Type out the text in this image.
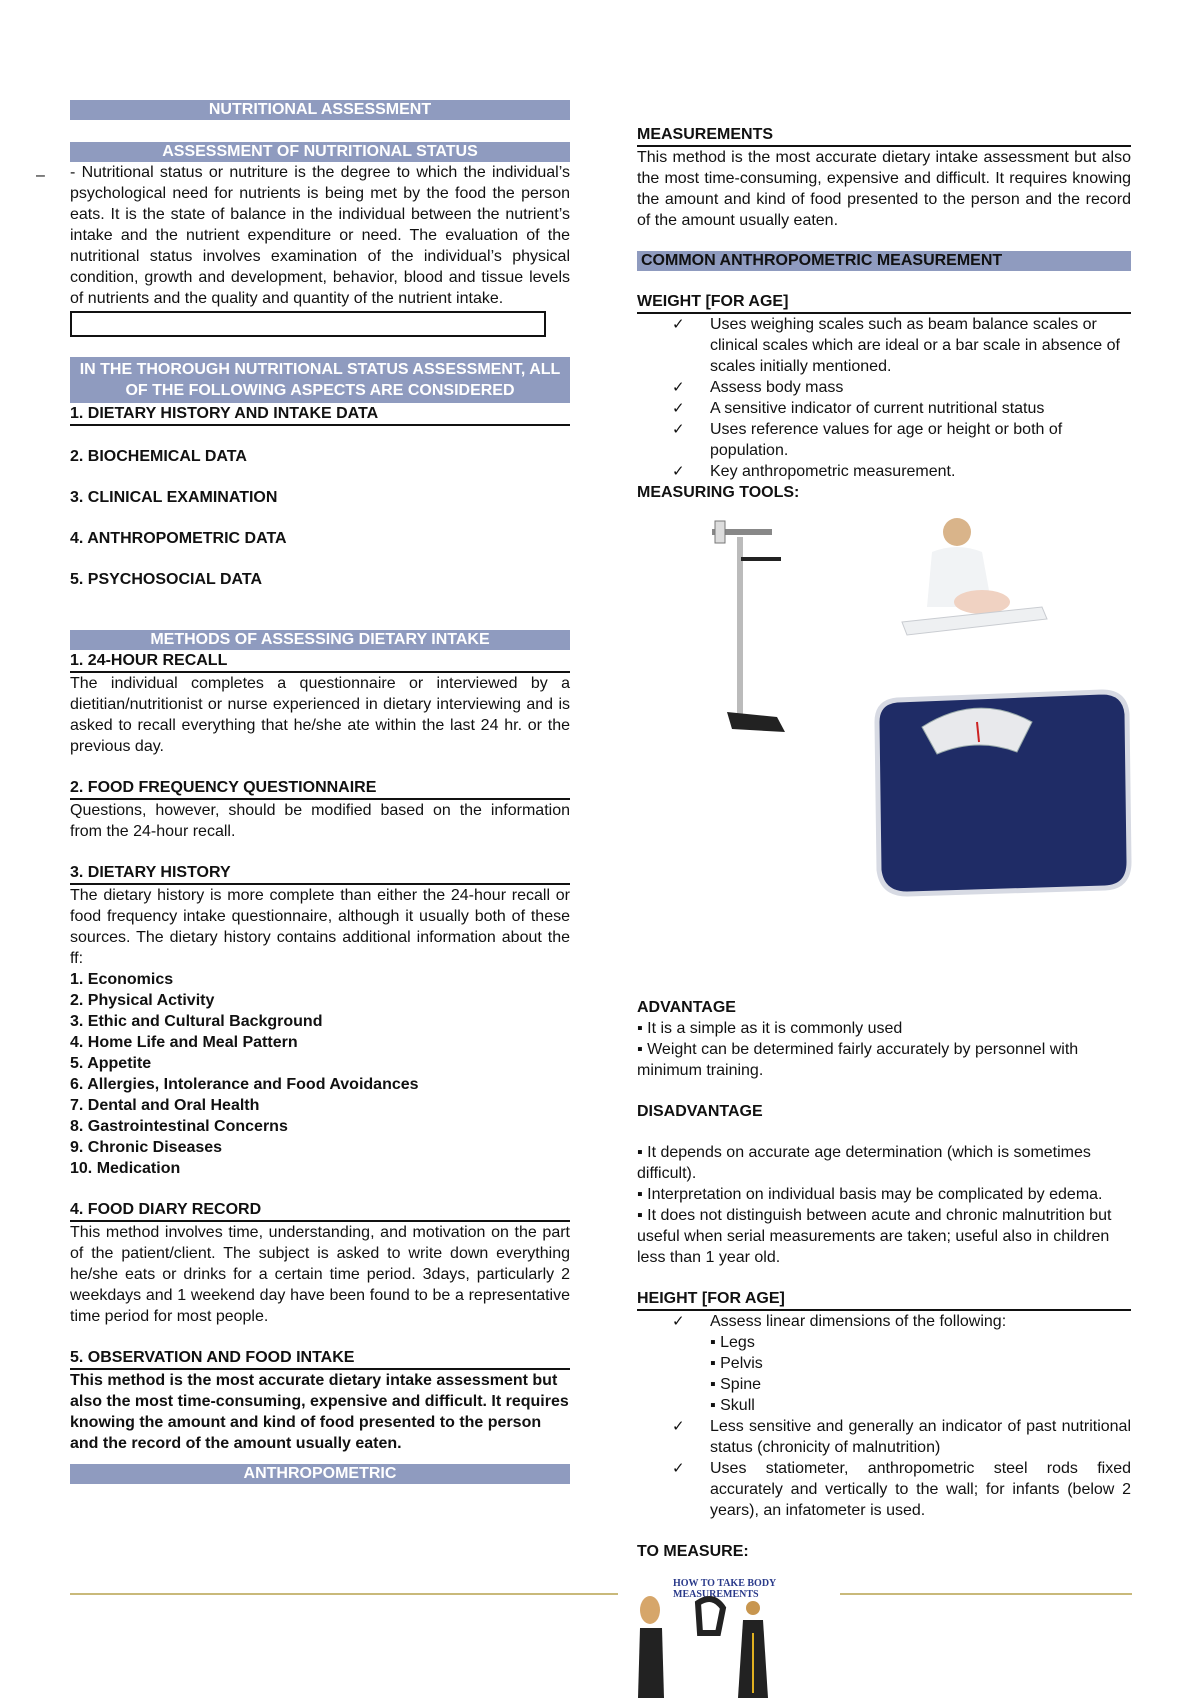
–
NUTRITIONAL ASSESSMENT
ASSESSMENT OF NUTRITIONAL STATUS
- Nutritional status or nutriture is the degree to which the individual’s psychological need for nutrients is being met by the food the person eats. It is the state of balance in the individual between the nutrient’s intake and the nutrient expenditure or need. The evaluation of the nutritional status involves examination of the individual’s physical condition, growth and development, behavior, blood and tissue levels of nutrients and the quality and quantity of the nutrient intake.
IN THE THOROUGH NUTRITIONAL STATUS ASSESSMENT, ALL OF THE FOLLOWING ASPECTS ARE CONSIDERED
1. DIETARY HISTORY AND INTAKE DATA
2. BIOCHEMICAL DATA
3. CLINICAL EXAMINATION
4. ANTHROPOMETRIC DATA
5. PSYCHOSOCIAL DATA
METHODS OF ASSESSING DIETARY INTAKE
1. 24-HOUR RECALL
The individual completes a questionnaire or interviewed by a dietitian/nutritionist or nurse experienced in dietary interviewing and is asked to recall everything that he/she ate within the last 24 hr. or the previous day.
2. FOOD FREQUENCY QUESTIONNAIRE
Questions, however, should be modified based on the information from the 24-hour recall.
3. DIETARY HISTORY
The dietary history is more complete than either the 24-hour recall or food frequency intake questionnaire, although it usually both of these sources. The dietary history contains additional information about the ff:
1. Economics
2. Physical Activity
3. Ethic and Cultural Background
4. Home Life and Meal Pattern
5. Appetite
6. Allergies, Intolerance and Food Avoidances
7. Dental and Oral Health
8. Gastrointestinal Concerns
9. Chronic Diseases
10. Medication
4. FOOD DIARY RECORD
This method involves time, understanding, and motivation on the part of the patient/client. The subject is asked to write down everything he/she eats or drinks for a certain time period. 3days, particularly 2 weekdays and 1 weekend day have been found to be a representative time period for most people.
5. OBSERVATION AND FOOD INTAKE
This method is the most accurate dietary intake assessment but also the most time-consuming, expensive and difficult. It requires knowing the amount and kind of food presented to the person and the record of the amount usually eaten.
ANTHROPOMETRIC
MEASUREMENTS
This method is the most accurate dietary intake assessment but also the most time-consuming, expensive and difficult. It requires knowing the amount and kind of food presented to the person and the record of the amount usually eaten.
COMMON ANTHROPOMETRIC MEASUREMENT
WEIGHT [FOR AGE]
✓ Uses weighing scales such as beam balance scales or clinical scales which are ideal or a bar scale in absence of scales initially mentioned.
✓ Assess body mass
✓ A sensitive indicator of current nutritional status
✓ Uses reference values for age or height or both of population.
✓ Key anthropometric measurement.
MEASURING TOOLS:
ADVANTAGE
▪ It is a simple as it is commonly used
▪ Weight can be determined fairly accurately by personnel with minimum training.
DISADVANTAGE
▪ It depends on accurate age determination (which is sometimes difficult).
▪ Interpretation on individual basis may be complicated by edema.
▪ It does not distinguish between acute and chronic malnutrition but useful when serial measurements are taken; useful also in children less than 1 year old.
HEIGHT [FOR AGE]
✓ Assess linear dimensions of the following:
▪ Legs
▪ Pelvis
▪ Spine
▪ Skull
✓ Less sensitive and generally an indicator of past nutritional status (chronicity of malnutrition)
✓ Uses statiometer, anthropometric steel rods fixed accurately and vertically to the wall; for infants (below 2 years), an infatometer is used.
TO MEASURE:
HOW TO TAKE BODY MEASUREMENTS
